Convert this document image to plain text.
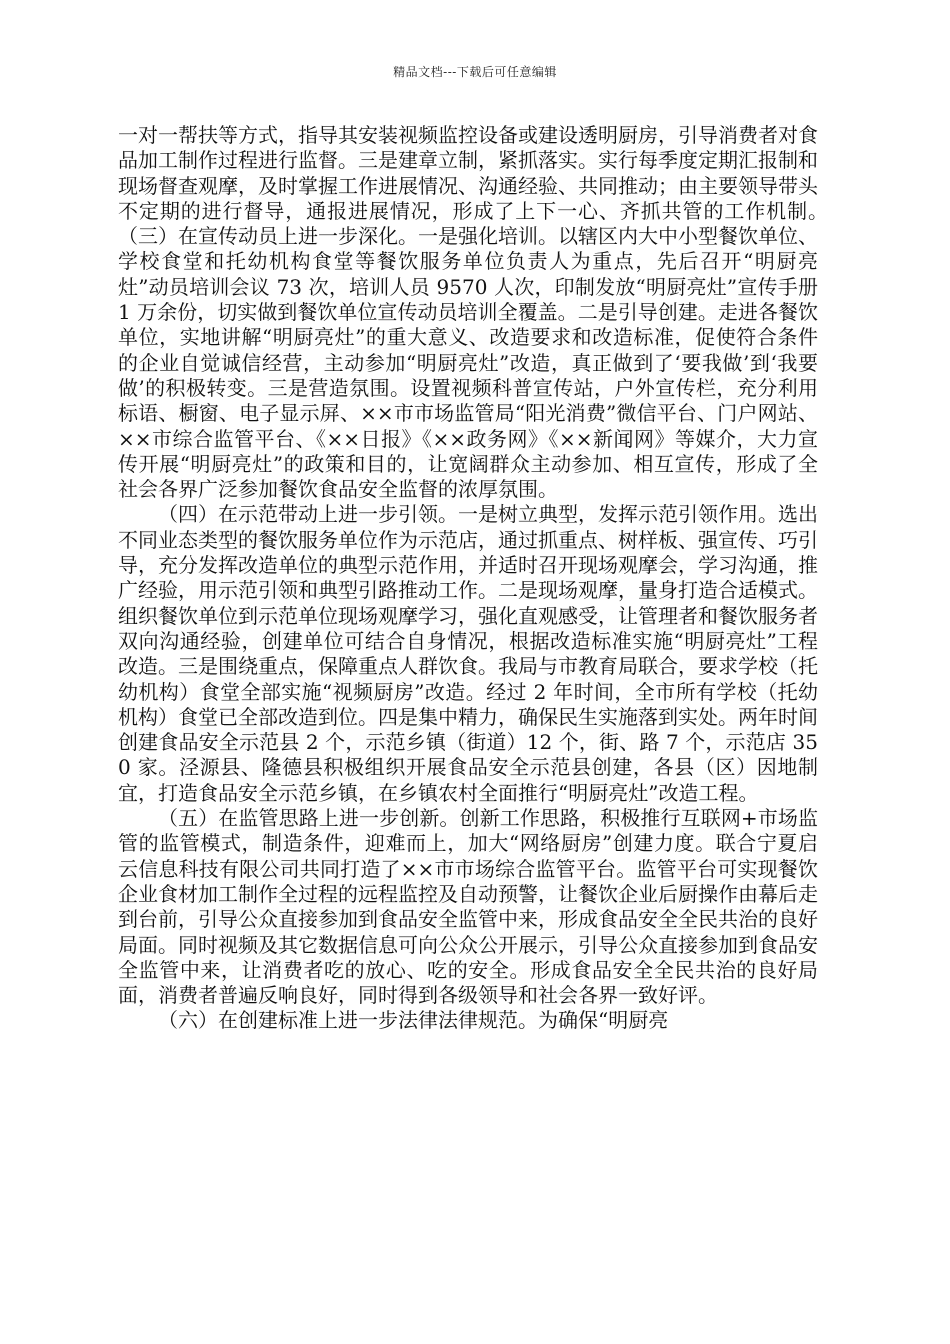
精品文档---下载后可任意编辑

一对一帮扶等方式，指导其安装视频监控设备或建设透明厨房，引导消费者对食品加工制作过程进行监督。三是建章立制，紧抓落实。实行每季度定期汇报制和现场督查观摩，及时掌握工作进展情况、沟通经验、共同推动；由主要领导带头不定期的进行督导，通报进展情况，形成了上下一心、齐抓共管的工作机制。　（三）在宣传动员上进一步深化。一是强化培训。以辖区内大中小型餐饮单位、学校食堂和托幼机构食堂等餐饮服务单位负责人为重点，先后召开“明厨亮灶”动员培训会议 73 次，培训人员 9570 人次，印制发放“明厨亮灶”宣传手册 1 万余份，切实做到餐饮单位宣传动员培训全覆盖。二是引导创建。走进各餐饮单位，实地讲解“明厨亮灶”的重大意义、改造要求和改造标准，促使符合条件的企业自觉诚信经营，主动参加“明厨亮灶”改造，真正做到了‘要我做’到‘我要做’的积极转变。三是营造氛围。设置视频科普宣传站，户外宣传栏，充分利用标语、橱窗、电子显示屏、××市市场监管局“阳光消费”微信平台、门户网站、××市综合监管平台、《××日报》《××政务网》《××新闻网》等媒介，大力宣传开展“明厨亮灶”的政策和目的，让宽阔群众主动参加、相互宣传，形成了全社会各界广泛参加餐饮食品安全监督的浓厚氛围。

（四）在示范带动上进一步引领。一是树立典型，发挥示范引领作用。选出不同业态类型的餐饮服务单位作为示范店，通过抓重点、树样板、强宣传、巧引导，充分发挥改造单位的典型示范作用，并适时召开现场观摩会，学习沟通，推广经验，用示范引领和典型引路推动工作。二是现场观摩，量身打造合适模式。组织餐饮单位到示范单位现场观摩学习，强化直观感受，让管理者和餐饮服务者双向沟通经验，创建单位可结合自身情况，根据改造标准实施“明厨亮灶”工程改造。三是围绕重点，保障重点人群饮食。我局与市教育局联合，要求学校（托幼机构）食堂全部实施“视频厨房”改造。经过 2 年时间，全市所有学校（托幼机构）食堂已全部改造到位。四是集中精力，确保民生实施落到实处。两年时间创建食品安全示范县 2 个，示范乡镇（街道）12 个，街、路 7 个，示范店 350 家。泾源县、隆德县积极组织开展食品安全示范县创建，各县（区）因地制宜，打造食品安全示范乡镇，在乡镇农村全面推行“明厨亮灶”改造工程。

（五）在监管思路上进一步创新。创新工作思路，积极推行互联网+市场监管的监管模式，制造条件，迎难而上，加大“网络厨房”创建力度。联合宁夏启云信息科技有限公司共同打造了××市市场综合监管平台。监管平台可实现餐饮企业食材加工制作全过程的远程监控及自动预警，让餐饮企业后厨操作由幕后走到台前，引导公众直接参加到食品安全监管中来，形成食品安全全民共治的良好局面。同时视频及其它数据信息可向公众公开展示，引导公众直接参加到食品安全监管中来，让消费者吃的放心、吃的安全。形成食品安全全民共治的良好局面，消费者普遍反响良好，同时得到各级领导和社会各界一致好评。

（六）在创建标准上进一步法律法律规范。为确保“明厨亮
